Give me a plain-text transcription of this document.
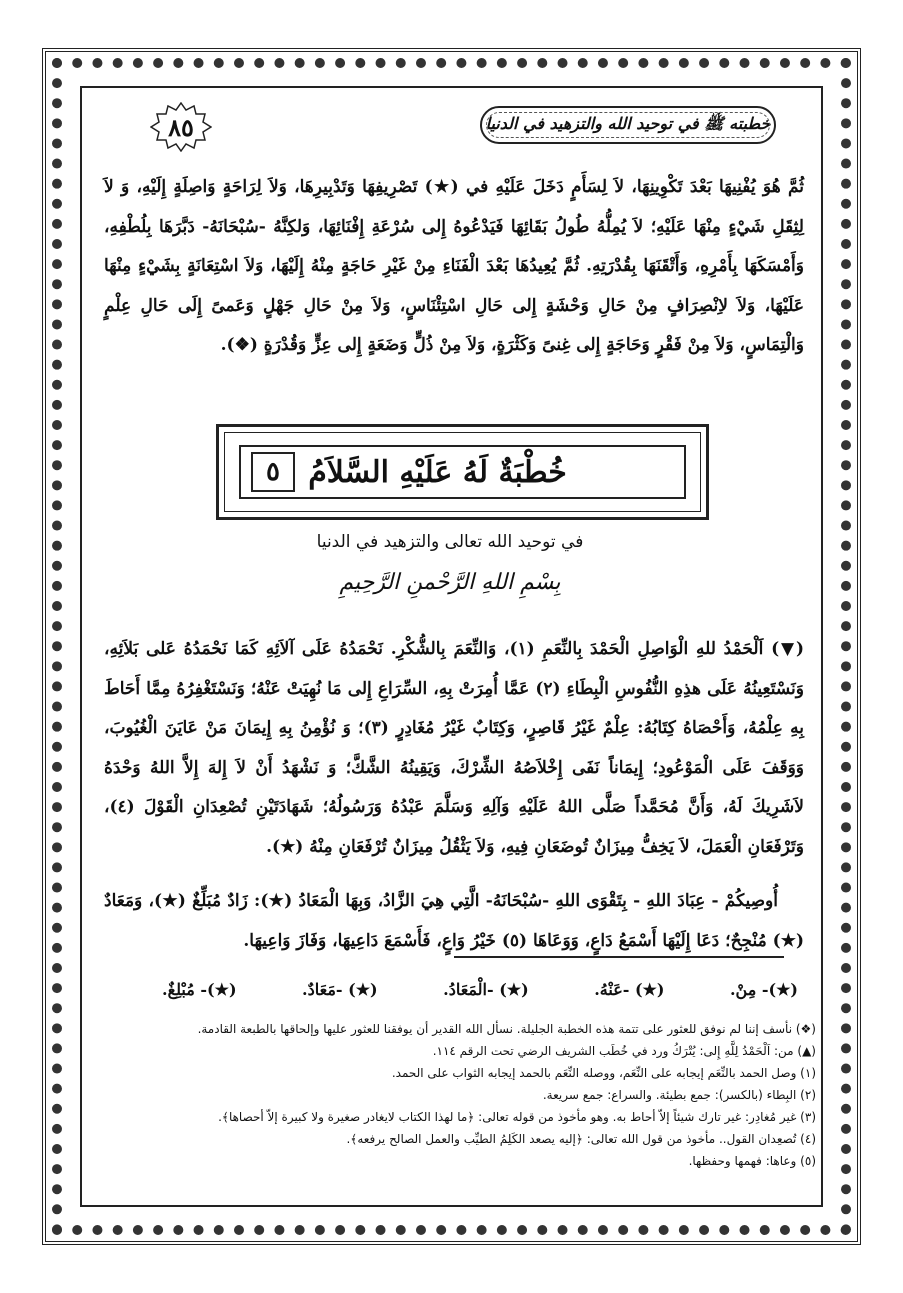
٨٥	خطبته ﷺ في توحيد الله والتزهيد في الدنيا
ثُمَّ هُوَ يُفْنِيهَا بَعْدَ تَكْوِينِهَا، لاَ لِسَأَمٍ دَخَلَ عَلَيْهِ في (★) تَصْرِيفِهَا وَتَدْبِيرِهَا، وَلاَ لِرَاحَةٍ وَاصِلَةٍ إِلَيْهِ، وَ لاَ لِثِقَلِ شَيْءٍ مِنْهَا عَلَيْهِ؛ لاَ يُمِلُّهُ طُولُ بَقَائِهَا فَيَدْعُوهُ إِلى سُرْعَةِ إِفْنَائِهَا، وَلكِنَّهُ -سُبْحَانَهُ- دَبَّرَهَا بِلُطْفِهِ، وَأَمْسَكَهَا بِأَمْرِهِ، وَأَتْقَنَهَا بِقُدْرَتِهِ. ثُمَّ يُعِيدُهَا بَعْدَ الْفَنَاءِ مِنْ غَيْرِ حَاجَةٍ مِنْهُ إِلَيْهَا، وَلاَ اسْتِعَانَةٍ بِشَيْءٍ مِنْهَا عَلَيْهَا، وَلاَ لاِنْصِرَافٍ مِنْ حَالِ وَحْشَةٍ إِلى حَالِ اسْتِئْنَاسٍ، وَلاَ مِنْ حَالِ جَهْلٍ وَعَمىً إِلَى حَالِ عِلْمٍ وَالْتِمَاسٍ، وَلاَ مِنْ فَقْرٍ وَحَاجَةٍ إِلى غِنىً وَكَثْرَةٍ، وَلاَ مِنْ ذُلٍّ وَضَعَةٍ إِلى عِزٍّ وَقُدْرَةٍ (❖).
خُطْبَةٌ لَهُ عَلَيْهِ السَّلاَمُ
٥
في توحيد الله تعالى والتزهيد في الدنيا
بِسْمِ اللهِ الرَّحْمنِ الرَّحِيمِ
(▼) اَلْحَمْدُ للهِ الْوَاصِلِ الْحَمْدَ بِالنِّعَمِ (١)، وَالنِّعَمَ بِالشُّكْرِ. نَحْمَدُهُ عَلَى آلاَئِهِ كَمَا نَحْمَدُهُ عَلى بَلاَئِهِ، وَنَسْتَعِينُهُ عَلَى هذِهِ النُّفُوسِ الْبِطَاءِ (٢) عَمَّا أُمِرَتْ بِهِ، السِّرَاعِ إِلى مَا نُهِيَتْ عَنْهُ؛ وَنَسْتَغْفِرُهُ مِمَّا أَحَاطَ بِهِ عِلْمُهُ، وَأَحْصَاهُ كِتَابُهُ: عِلْمٌ غَيْرُ قَاصِرٍ، وَكِتَابٌ غَيْرُ مُغَادِرٍ (٣)؛ وَ نُؤْمِنُ بِهِ إِيمَانَ مَنْ عَايَنَ الْغُيُوبَ، وَوَقَفَ عَلَى الْمَوْعُودِ؛ إِيمَاناً نَفَى إِخْلاَصُهُ الشِّرْكَ، وَيَقِينُهُ الشَّكَّ؛ وَ نَشْهَدُ أَنْ لاَ إِلهَ إِلاَّ اللهُ وَحْدَهُ لاَشَرِيكَ لَهُ، وَأَنَّ مُحَمَّداً صَلَّى اللهُ عَلَيْهِ وَآلِهِ وَسَلَّمَ عَبْدُهُ وَرَسُولُهُ؛ شَهَادَتَيْنِ تُصْعِدَانِ الْقَوْلَ (٤)، وَتَرْفَعَانِ الْعَمَلَ، لاَ يَخِفُّ مِيزَانٌ تُوضَعَانِ فِيهِ، وَلاَ يَثْقُلُ مِيزَانٌ تُرْفَعَانِ مِنْهُ (★).
أُوصِيكُمْ - عِبَادَ اللهِ - بِتَقْوَى اللهِ -سُبْحَانَهُ- الَّتِي هِيَ الزَّادُ، وَبِهَا الْمَعَادُ (★): زَادٌ مُبَلِّغٌ (★)، وَمَعَادٌ (★) مُنْجِحٌ؛ دَعَا إِلَيْهَا أَسْمَعُ دَاعٍ، وَوَعَاهَا (٥) خَيْرُ وَاعٍ، فَأَسْمَعَ دَاعِيهَا، وَفَازَ وَاعِيهَا.
(★)- مِنْ.
(★) -عَنْهُ.
(★) -الْمَعَادُ.
(★) -مَعَادٌ.
(★)- مُبْلِغٌ.
(❖) نأسف إننا لم نوفق للعثور على تتمة هذه الخطبة الجليلة. نسأل الله القدير أن يوفقنا للعثور عليها وإلحاقها بالطبعة القادمة.
(▲) من: اَلْحَمْدُ لِلَّهِ إِلى: يُتْرَكُ ورد في خُطَب الشريف الرضي تحت الرقم ١١٤.
(١) وصل الحمد بالنِّعَم إيجابه على النِّعَم، ووصله النِّعَم بالحمد إيجابه الثواب على الحمد.
(٢) البِطاء (بالكسر): جمع بطيئة. والسراع: جمع سريعة.
(٣) غير مُغادِر: غير تارك شيئاً إلاّ أحاط به. وهو مأخوذ من قوله تعالى: ﴿ما لهذا الكتاب لايغادر صغيرة ولا كبيرة إلاّ أحصاها﴾.
(٤) تُصعِدان القول.. مأخوذ من قول الله تعالى: ﴿إليه يصعد الكَلِمُ الطيِّب والعمل الصالح يرفعه﴾.
(٥) وعاها: فهمها وحفظها.
